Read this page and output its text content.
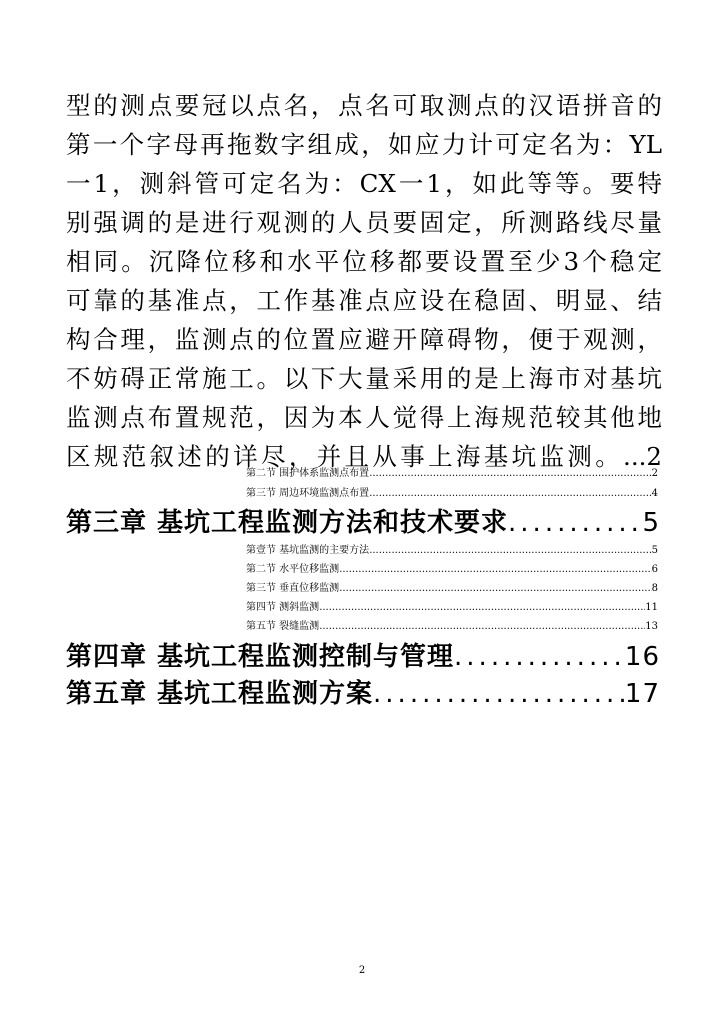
型的测点要冠以点名，点名可取测点的汉语拼音的
第一个字母再拖数字组成，如应力计可定名为：YL
一1，测斜管可定名为：CX一1，如此等等。要特
别强调的是进行观测的人员要固定，所测路线尽量
相同。沉降位移和水平位移都要设置至少3个稳定
可靠的基准点，工作基准点应设在稳固、明显、结
构合理，监测点的位置应避开障碍物，便于观测，
不妨碍正常施工。以下大量采用的是上海市对基坑
监测点布置规范，因为本人觉得上海规范较其他地
区规范叙述的详尽，并且从事上海基坑监测。...2
第二节 围护体系监测点布置 .....	2
第三节 周边环境监测点布置 .....	4
第三章 基坑工程监测方法和技术要求 .....	5
第壹节 基坑监测的主要方法 .....	5
第二节 水平位移监测 .....	6
第三节 垂直位移监测 .....	8
第四节 测斜监测 .....	11
第五节 裂缝监测 .....	13
第四章 基坑工程监测控制与管理 .....	16
第五章 基坑工程监测方案 .....	17
2
